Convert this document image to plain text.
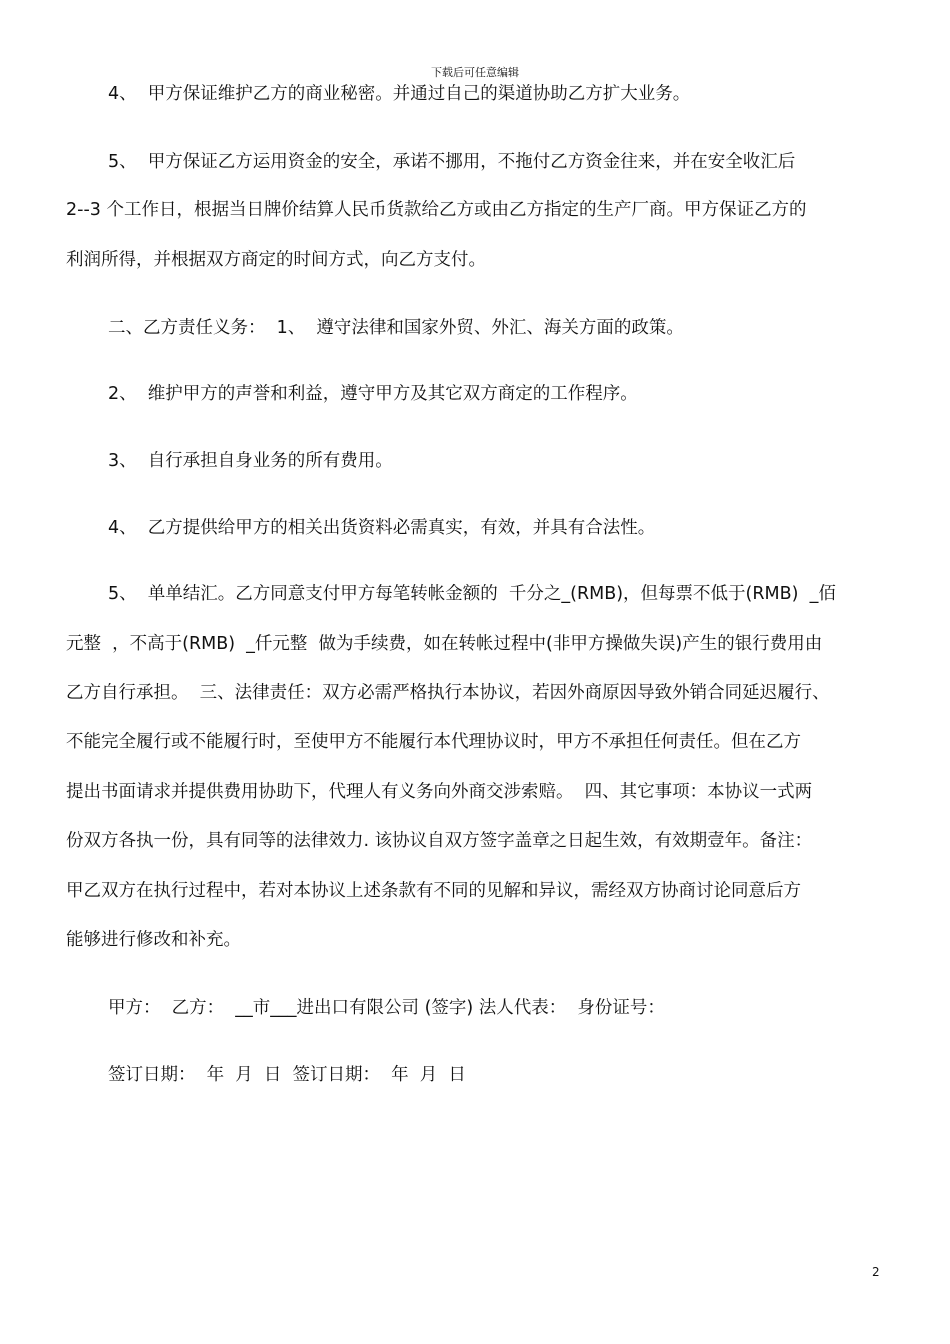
下载后可任意编辑
4、  甲方保证维护乙方的商业秘密。并通过自己的渠道协助乙方扩大业务。
5、  甲方保证乙方运用资金的安全，承诺不挪用，不拖付乙方资金往来，并在安全收汇后
2--3 个工作日，根据当日牌价结算人民币货款给乙方或由乙方指定的生产厂商。甲方保证乙方的
利润所得，并根据双方商定的时间方式，向乙方支付。
二、乙方责任义务：  1、  遵守法律和国家外贸、外汇、海关方面的政策。
2、  维护甲方的声誉和利益，遵守甲方及其它双方商定的工作程序。
3、  自行承担自身业务的所有费用。
4、  乙方提供给甲方的相关出货资料必需真实，有效，并具有合法性。
5、  单单结汇。乙方同意支付甲方每笔转帐金额的  千分之_(RMB)，但每票不低于(RMB)  _佰
元整  ，不高于(RMB)  _仟元整  做为手续费，如在转帐过程中(非甲方操做失误)产生的银行费用由
乙方自行承担。  三、法律责任：双方必需严格执行本协议，若因外商原因导致外销合同延迟履行、
不能完全履行或不能履行时，至使甲方不能履行本代理协议时，甲方不承担任何责任。但在乙方
提出书面请求并提供费用协助下，代理人有义务向外商交涉索赔。  四、其它事项：本协议一式两
份双方各执一份，具有同等的法律效力. 该协议自双方签字盖章之日起生效，有效期壹年。备注：
甲乙双方在执行过程中，若对本协议上述条款有不同的见解和异议，需经双方协商讨论同意后方
能够进行修改和补充。
甲方：  乙方：  __市___进出口有限公司 (签字) 法人代表：  身份证号：
签订日期：  年  月  日  签订日期：  年  月  日
2
